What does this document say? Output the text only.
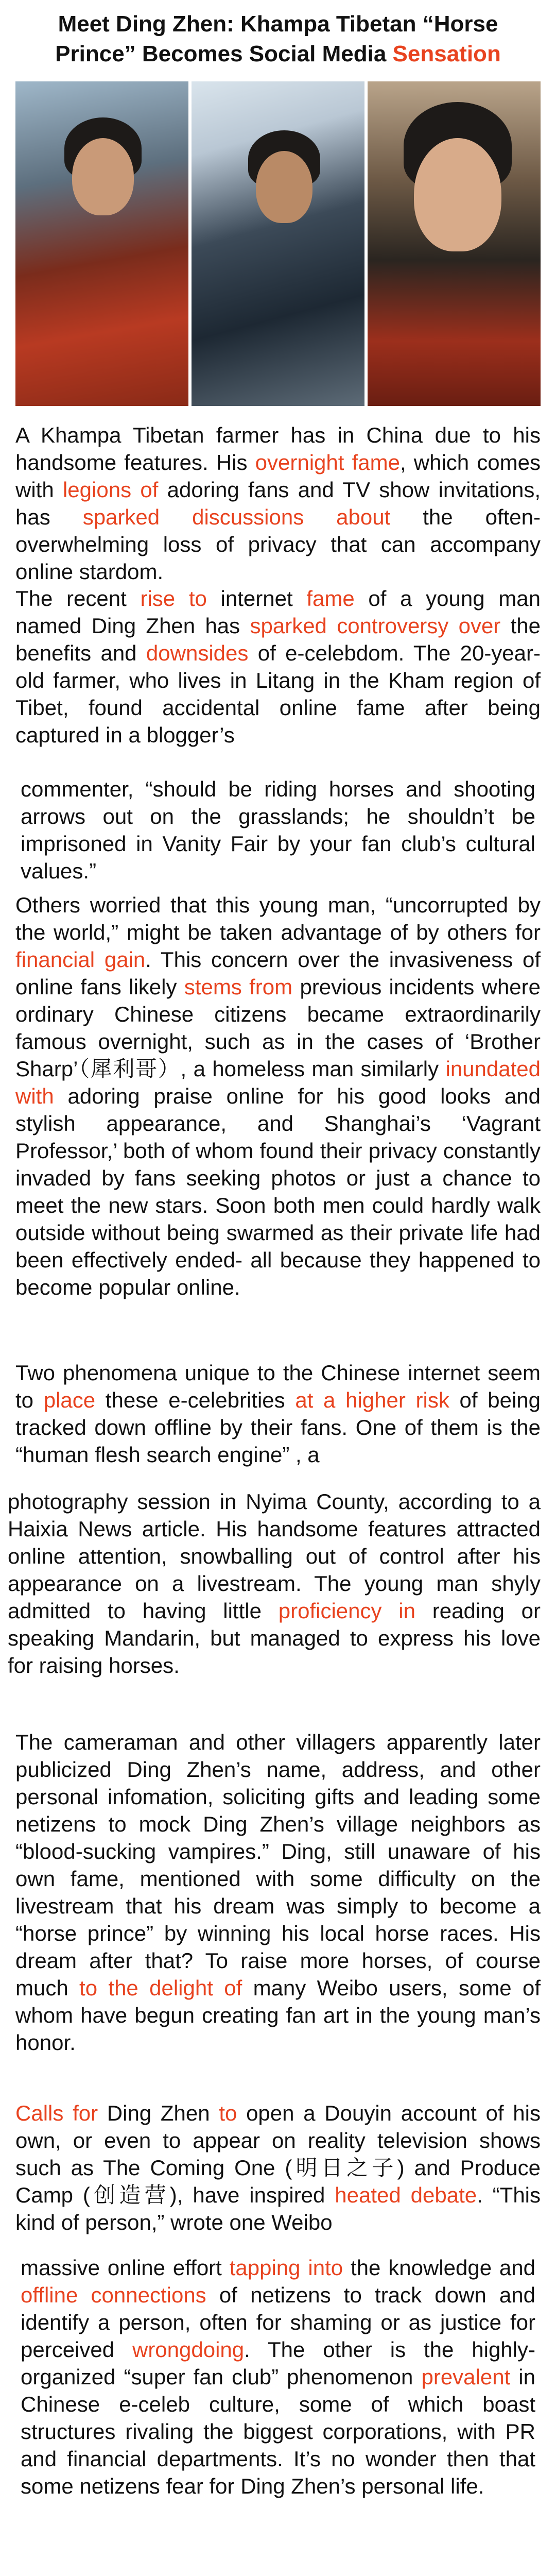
Meet Ding Zhen: Khampa Tibetan “Horse
Prince” Becomes Social Media Sensation

A Khampa Tibetan farmer has in China due to his handsome features. His overnight fame, which comes with legions of adoring fans and TV show invitations, has sparked discussions about the often-overwhelming loss of privacy that can accompany online stardom.

The recent rise to internet fame of a young man named Ding Zhen has sparked controversy over the benefits and downsides of e-celebdom. The 20-year-old farmer, who lives in Litang in the Kham region of Tibet, found accidental online fame after being captured in a blogger’s

commenter, “should be riding horses and shooting arrows out on the grasslands; he shouldn’t be imprisoned in Vanity Fair by your fan club’s cultural values.”

Others worried that this young man, “uncorrupted by the world,” might be taken advantage of by others for financial gain. This concern over the invasiveness of online fans likely stems from previous incidents where ordinary Chinese citizens became extraordinarily famous overnight, such as in the cases of ‘Brother Sharp’（犀利哥）, a homeless man similarly inundated with adoring praise online for his good looks and stylish appearance, and Shanghai’s ‘Vagrant Professor,’ both of whom found their privacy constantly invaded by fans seeking photos or just a chance to meet the new stars. Soon both men could hardly walk outside without being swarmed as their private life had been effectively ended- all because they happened to become popular online.

Two phenomena unique to the Chinese internet seem to place these e-celebrities at a higher risk of being tracked down offline by their fans. One of them is the “human flesh search engine” , a

photography session in Nyima County, according to a Haixia News article. His handsome features attracted online attention, snowballing out of control after his appearance on a livestream. The young man shyly admitted to having little proficiency in reading or speaking Mandarin, but managed to express his love for raising horses.

The cameraman and other villagers apparently later publicized Ding Zhen’s name, address, and other personal infomation, soliciting gifts and leading some netizens to mock Ding Zhen’s village neighbors as “blood-sucking vampires.” Ding, still unaware of his own fame, mentioned with some difficulty on the livestream that his dream was simply to become a “horse prince” by winning his local horse races. His dream after that? To raise more horses, of course much to the delight of many Weibo users, some of whom have begun creating fan art in the young man’s honor.

Calls for Ding Zhen to open a Douyin account of his own, or even to appear on reality television shows such as The Coming One (明日之子) and Produce Camp (创造营), have inspired heated debate. “This kind of person,” wrote one Weibo

massive online effort tapping into the knowledge and offline connections of netizens to track down and identify a person, often for shaming or as justice for perceived wrongdoing. The other is the highly-organized “super fan club” phenomenon prevalent in Chinese e-celeb culture, some of which boast structures rivaling the biggest corporations, with PR and financial departments. It’s no wonder then that some netizens fear for Ding Zhen’s personal life.
